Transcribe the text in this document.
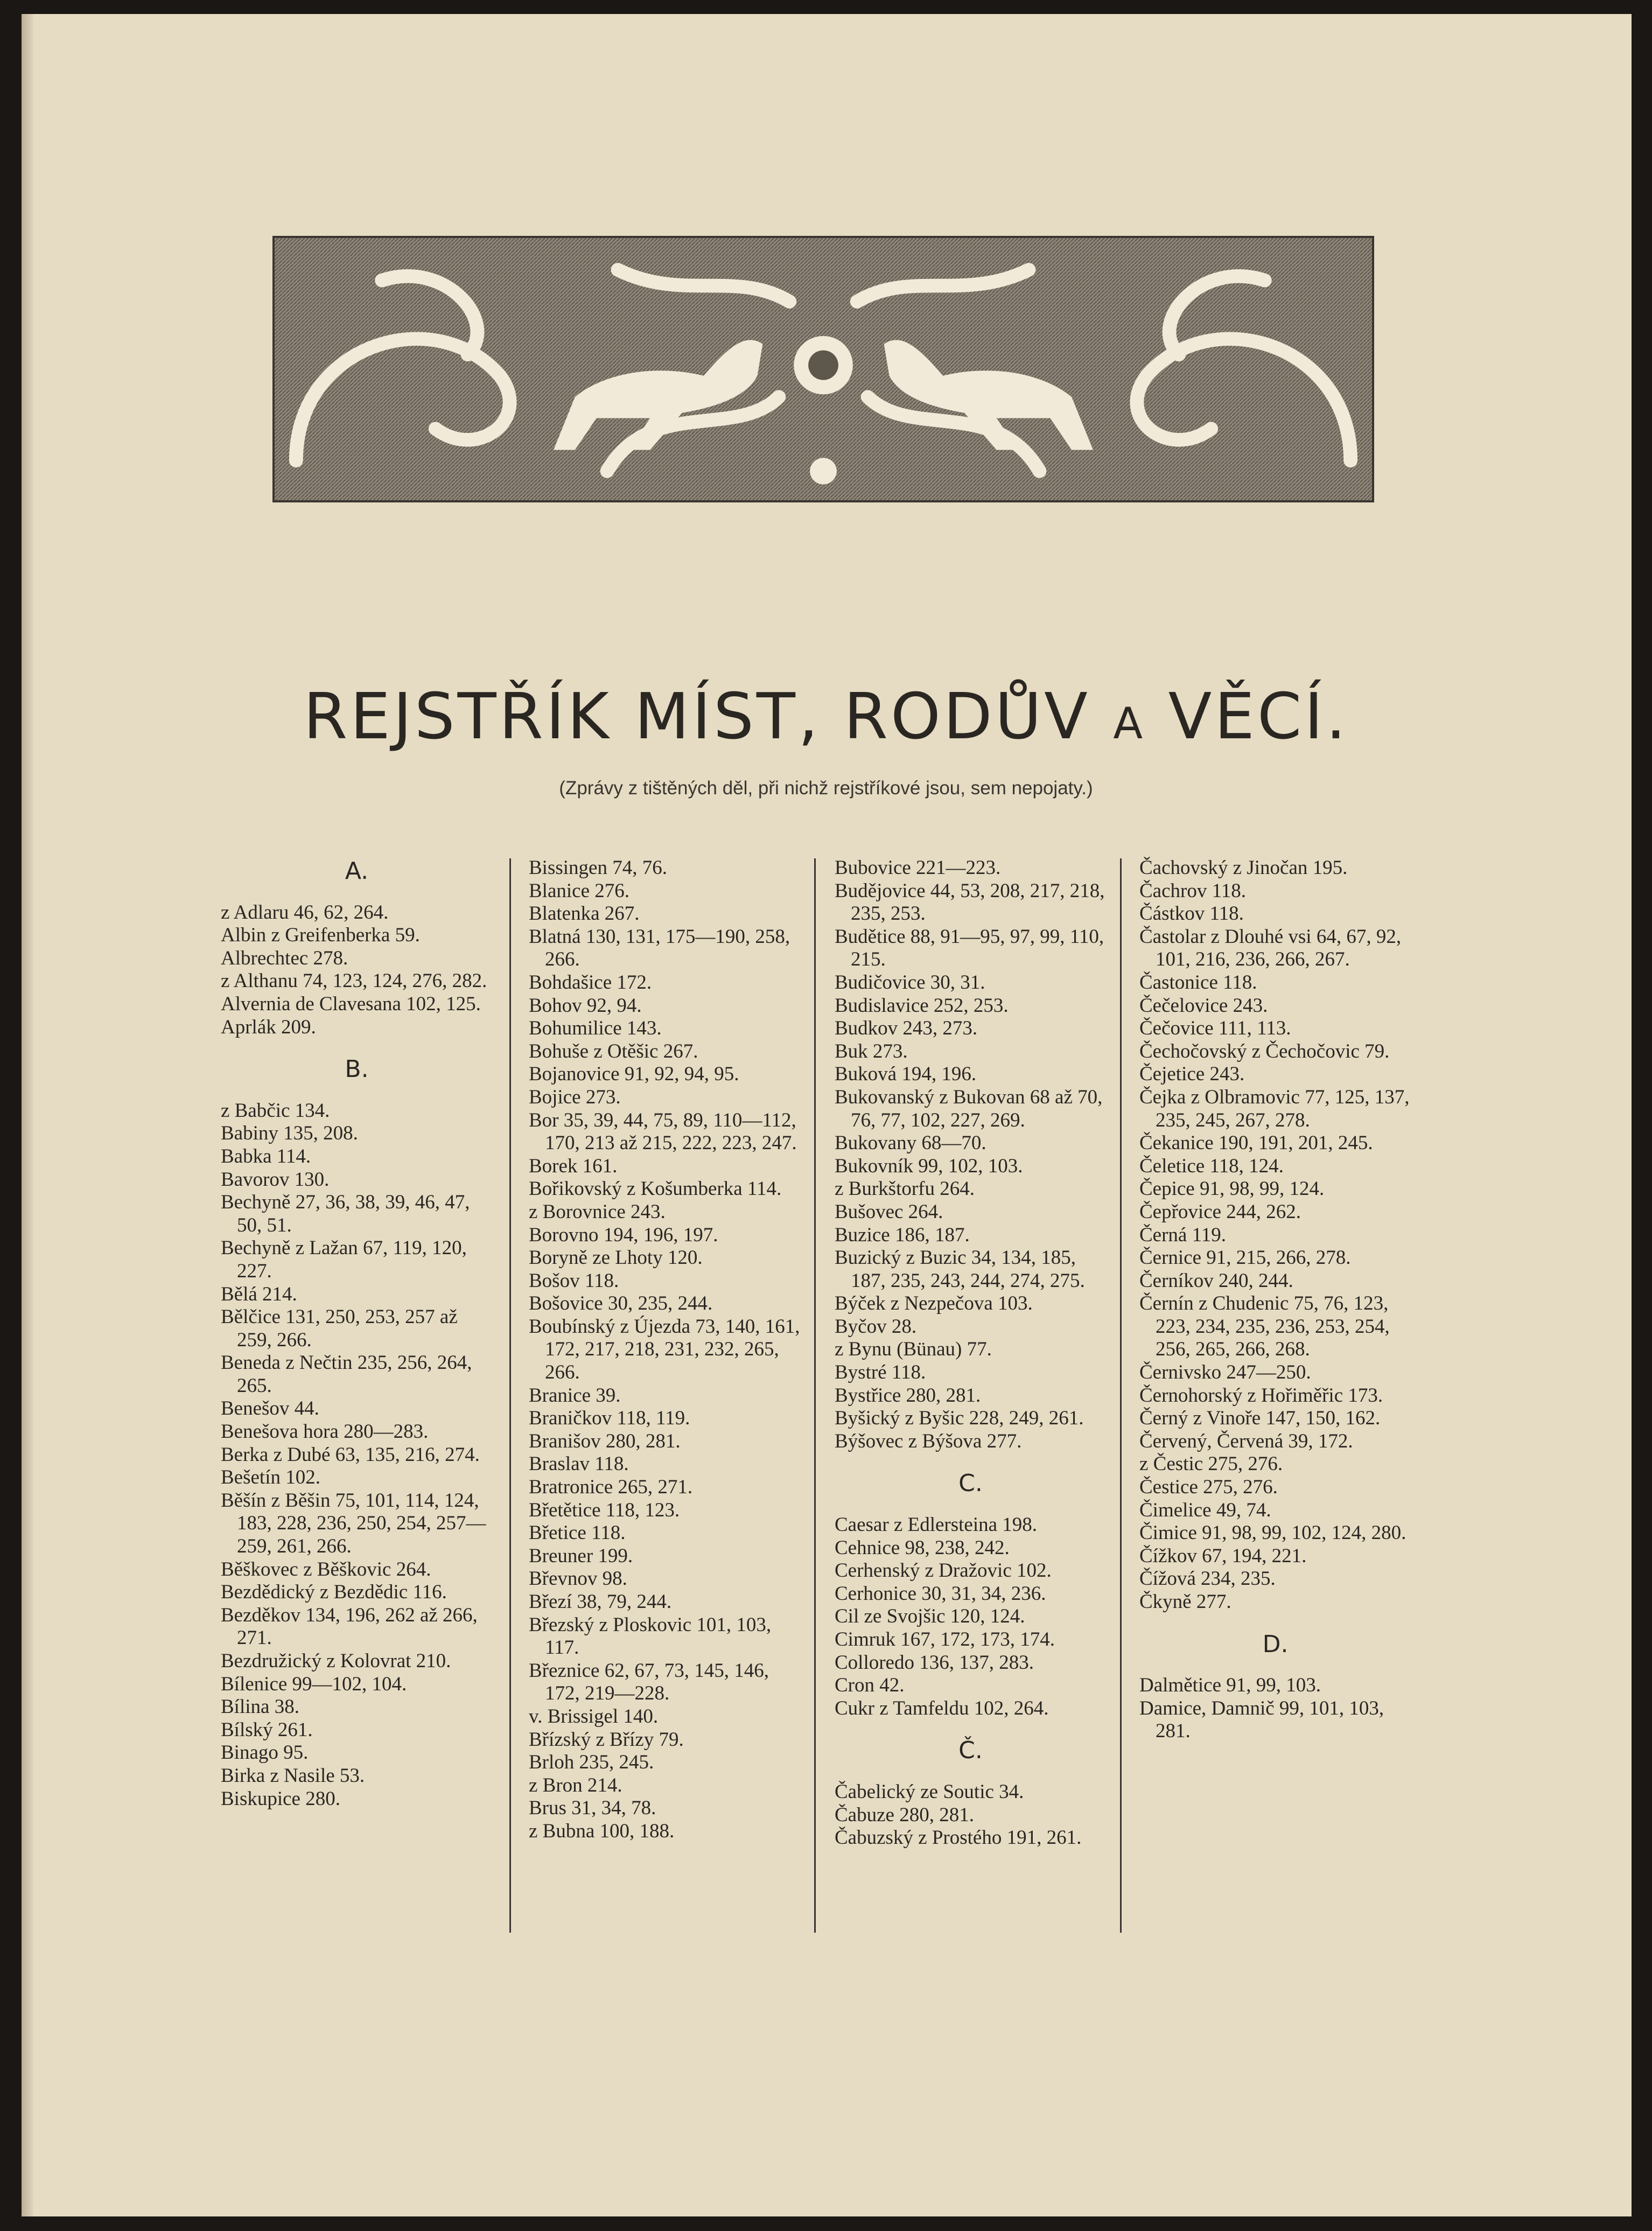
REJSTŘÍK MÍST, RODŮV A VĚCÍ.
(Zprávy z tištěných děl, při nichž rejstříkové jsou, sem nepojaty.)
A.
z Adlaru 46, 62, 264.
Albin z Greifenberka 59.
Albrechtec 278.
z Althanu 74, 123, 124, 276, 282.
Alvernia de Clavesana 102, 125.
Aprlák 209.
B.
z Babčic 134.
Babiny 135, 208.
Babka 114.
Bavorov 130.
Bechyně 27, 36, 38, 39, 46, 47, 50, 51.
Bechyně z Lažan 67, 119, 120, 227.
Bělá 214.
Bělčice 131, 250, 253, 257 až 259, 266.
Beneda z Nečtin 235, 256, 264, 265.
Benešov 44.
Benešova hora 280—283.
Berka z Dubé 63, 135, 216, 274.
Bešetín 102.
Běšín z Běšin 75, 101, 114, 124, 183, 228, 236, 250, 254, 257—259, 261, 266.
Běškovec z Běškovic 264.
Bezdědický z Bezdědic 116.
Bezděkov 134, 196, 262 až 266, 271.
Bezdružický z Kolovrat 210.
Bílenice 99—102, 104.
Bílina 38.
Bílský 261.
Binago 95.
Birka z Nasile 53.
Biskupice 280.
Bissingen 74, 76.
Blanice 276.
Blatenka 267.
Blatná 130, 131, 175—190, 258, 266.
Bohdašice 172.
Bohov 92, 94.
Bohumilice 143.
Bohuše z Otěšic 267.
Bojanovice 91, 92, 94, 95.
Bojice 273.
Bor 35, 39, 44, 75, 89, 110—112, 170, 213 až 215, 222, 223, 247.
Borek 161.
Bořikovský z Košumberka 114.
z Borovnice 243.
Borovno 194, 196, 197.
Boryně ze Lhoty 120.
Bošov 118.
Bošovice 30, 235, 244.
Boubínský z Újezda 73, 140, 161, 172, 217, 218, 231, 232, 265, 266.
Branice 39.
Braničkov 118, 119.
Branišov 280, 281.
Braslav 118.
Bratronice 265, 271.
Břetětice 118, 123.
Břetice 118.
Breuner 199.
Břevnov 98.
Březí 38, 79, 244.
Březský z Ploskovic 101, 103, 117.
Březnice 62, 67, 73, 145, 146, 172, 219—228.
v. Brissigel 140.
Břízský z Břízy 79.
Brloh 235, 245.
z Bron 214.
Brus 31, 34, 78.
z Bubna 100, 188.
Bubovice 221—223.
Budějovice 44, 53, 208, 217, 218, 235, 253.
Budětice 88, 91—95, 97, 99, 110, 215.
Budičovice 30, 31.
Budislavice 252, 253.
Budkov 243, 273.
Buk 273.
Buková 194, 196.
Bukovanský z Bukovan 68 až 70, 76, 77, 102, 227, 269.
Bukovany 68—70.
Bukovník 99, 102, 103.
z Burkštorfu 264.
Bušovec 264.
Buzice 186, 187.
Buzický z Buzic 34, 134, 185, 187, 235, 243, 244, 274, 275.
Býček z Nezpečova 103.
Byčov 28.
z Bynu (Bünau) 77.
Bystré 118.
Bystřice 280, 281.
Byšický z Byšic 228, 249, 261.
Býšovec z Býšova 277.
C.
Caesar z Edlersteina 198.
Cehnice 98, 238, 242.
Cerhenský z Dražovic 102.
Cerhonice 30, 31, 34, 236.
Cil ze Svojšic 120, 124.
Cimruk 167, 172, 173, 174.
Colloredo 136, 137, 283.
Cron 42.
Cukr z Tamfeldu 102, 264.
Č.
Čabelický ze Soutic 34.
Čabuze 280, 281.
Čabuzský z Prostého 191, 261.
Čachovský z Jinočan 195.
Čachrov 118.
Částkov 118.
Častolar z Dlouhé vsi 64, 67, 92, 101, 216, 236, 266, 267.
Častonice 118.
Čečelovice 243.
Čečovice 111, 113.
Čechočovský z Čechočovic 79.
Čejetice 243.
Čejka z Olbramovic 77, 125, 137, 235, 245, 267, 278.
Čekanice 190, 191, 201, 245.
Čeletice 118, 124.
Čepice 91, 98, 99, 124.
Čepřovice 244, 262.
Černá 119.
Černice 91, 215, 266, 278.
Černíkov 240, 244.
Černín z Chudenic 75, 76, 123, 223, 234, 235, 236, 253, 254, 256, 265, 266, 268.
Černivsko 247—250.
Černohorský z Hořiměřic 173.
Černý z Vinoře 147, 150, 162.
Červený, Červená 39, 172.
z Čestic 275, 276.
Čestice 275, 276.
Čimelice 49, 74.
Čimice 91, 98, 99, 102, 124, 280.
Čížkov 67, 194, 221.
Čížová 234, 235.
Čkyně 277.
D.
Dalmětice 91, 99, 103.
Damice, Damnič 99, 101, 103, 281.
